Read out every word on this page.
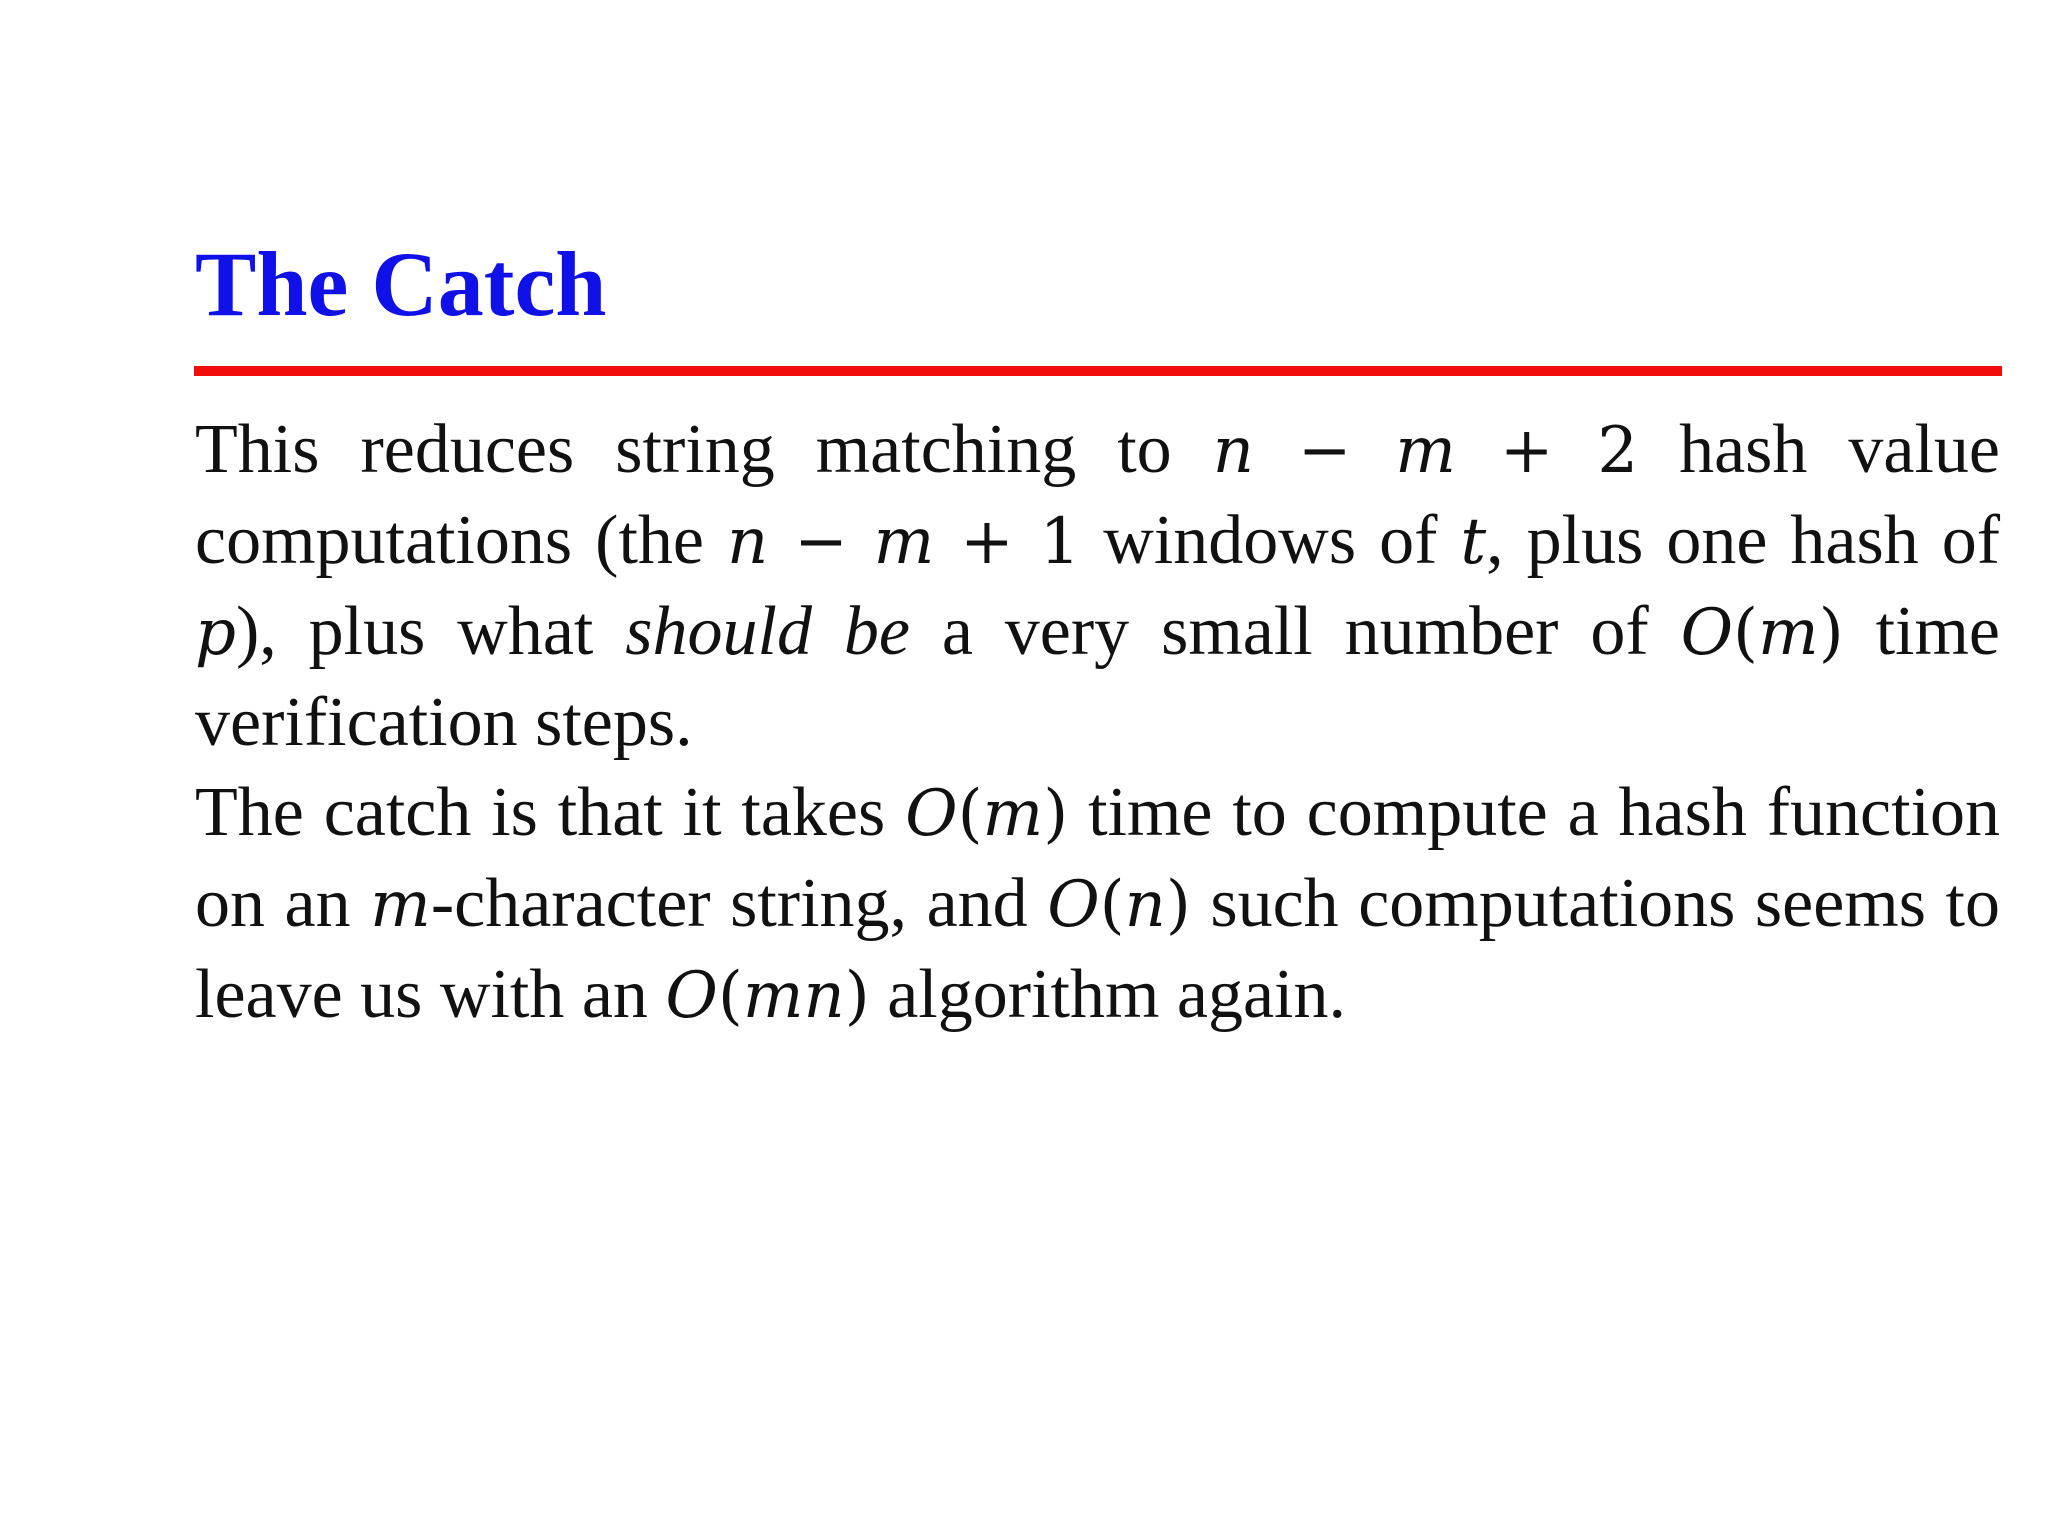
The Catch

This reduces string matching to n − m + 2 hash value computations (the n − m + 1 windows of t, plus one hash of p), plus what should be a very small number of O(m) time verification steps.

The catch is that it takes O(m) time to compute a hash function on an m-character string, and O(n) such computations seems to leave us with an O(mn) algorithm again.
